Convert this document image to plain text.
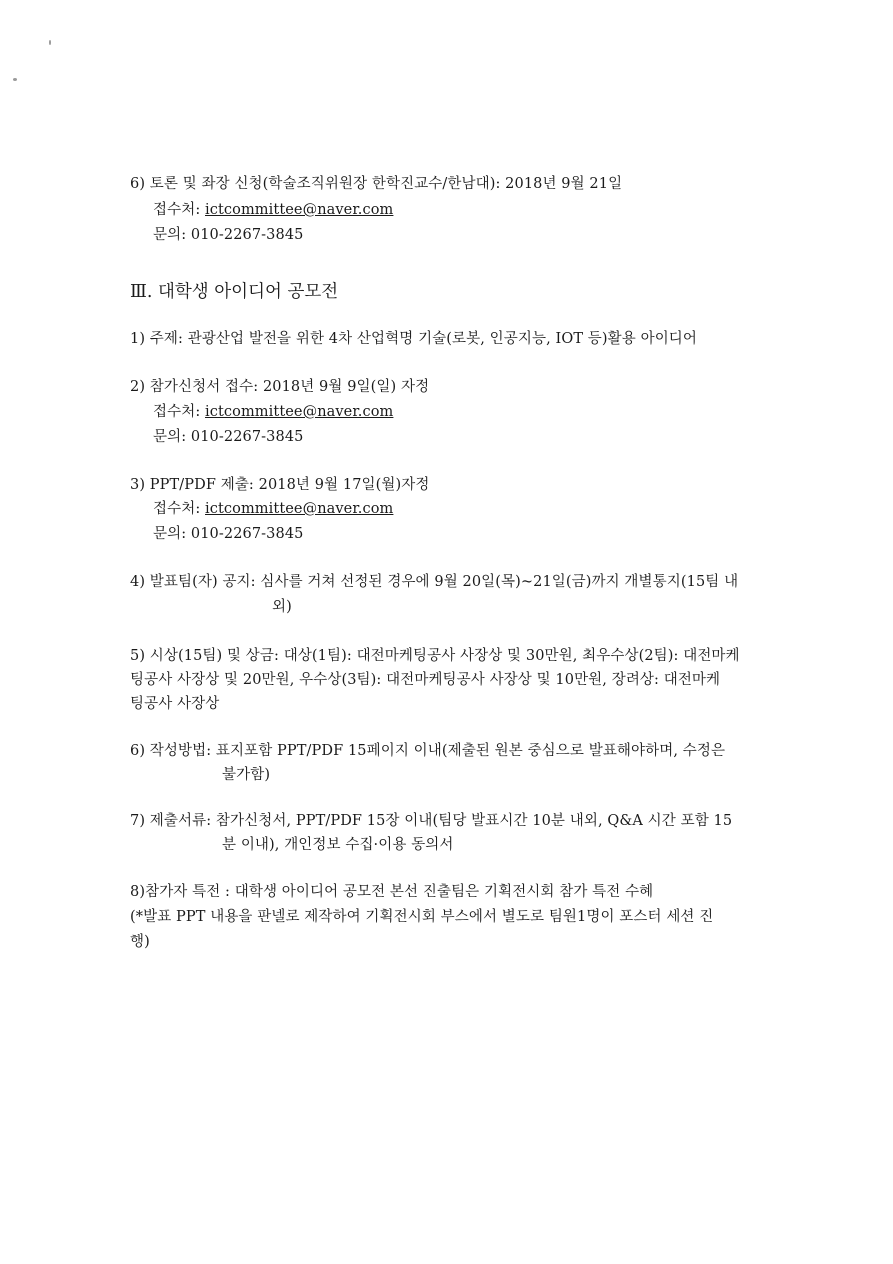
6) 토론 및 좌장 신청(학술조직위원장 한학진교수/한남대): 2018년 9월 21일
접수처: ictcommittee@naver.com
문의: 010-2267-3845
Ⅲ. 대학생 아이디어 공모전
1) 주제: 관광산업 발전을 위한 4차 산업혁명 기술(로봇, 인공지능, IOT 등)활용 아이디어
2) 참가신청서 접수: 2018년 9월 9일(일) 자정
접수처: ictcommittee@naver.com
문의: 010-2267-3845
3) PPT/PDF 제출: 2018년 9월 17일(월)자정
접수처: ictcommittee@naver.com
문의: 010-2267-3845
4) 발표팀(자) 공지: 심사를 거쳐 선정된 경우에 9월 20일(목)~21일(금)까지 개별통지(15팀 내
외)
5) 시상(15팀) 및 상금: 대상(1팀): 대전마케팅공사 사장상 및 30만원, 최우수상(2팀): 대전마케
팅공사 사장상 및 20만원, 우수상(3팀): 대전마케팅공사 사장상 및 10만원, 장려상: 대전마케
팅공사 사장상
6) 작성방법: 표지포함 PPT/PDF 15페이지 이내(제출된 원본 중심으로 발표해야하며, 수정은
불가함)
7) 제출서류: 참가신청서, PPT/PDF 15장 이내(팀당 발표시간 10분 내외, Q&A 시간 포함 15
분 이내), 개인정보 수집·이용 동의서
8)참가자 특전 : 대학생 아이디어 공모전 본선 진출팀은 기획전시회 참가 특전 수혜
(*발표 PPT 내용을 판넬로 제작하여 기획전시회 부스에서 별도로 팀원1명이 포스터 세션 진
행)
